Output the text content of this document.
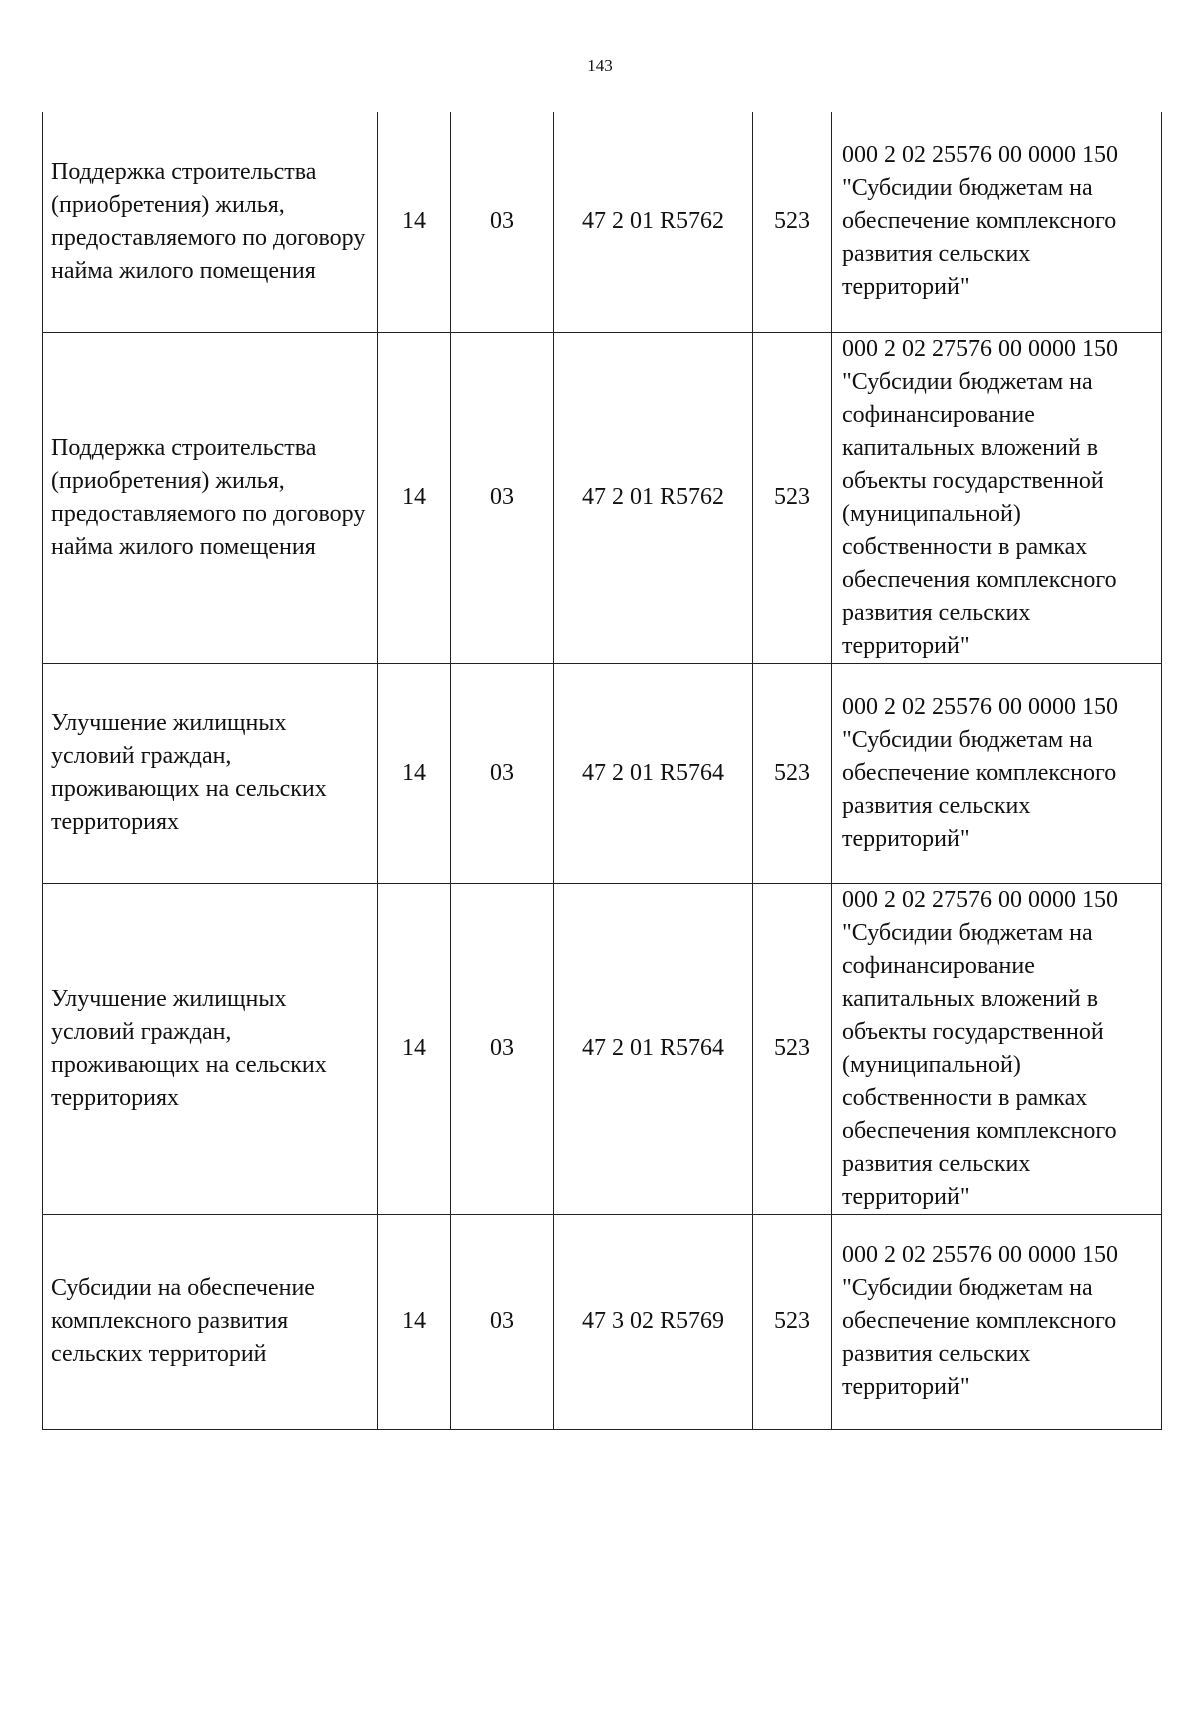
143
Поддержка строительства (приобретения) жилья, предоставляемого по договору найма жилого помещения	14	03	47 2 01 R5762	523	000 2 02 25576 00 0000 150 "Субсидии бюджетам на обеспечение комплексного развития сельских территорий"
Поддержка строительства (приобретения) жилья, предоставляемого по договору найма жилого помещения	14	03	47 2 01 R5762	523	000 2 02 27576 00 0000 150 "Субсидии бюджетам на софинансирование капитальных вложений в объекты государственной (муниципальной) собственности в рамках обеспечения комплексного развития сельских территорий"
Улучшение жилищных условий граждан, проживающих на сельских территориях	14	03	47 2 01 R5764	523	000 2 02 25576 00 0000 150 "Субсидии бюджетам на обеспечение комплексного развития сельских территорий"
Улучшение жилищных условий граждан, проживающих на сельских территориях	14	03	47 2 01 R5764	523	000 2 02 27576 00 0000 150 "Субсидии бюджетам на софинансирование капитальных вложений в объекты государственной (муниципальной) собственности в рамках обеспечения комплексного развития сельских территорий"
Субсидии на обеспечение комплексного развития сельских территорий	14	03	47 3 02 R5769	523	000 2 02 25576 00 0000 150 "Субсидии бюджетам на обеспечение комплексного развития сельских территорий"
